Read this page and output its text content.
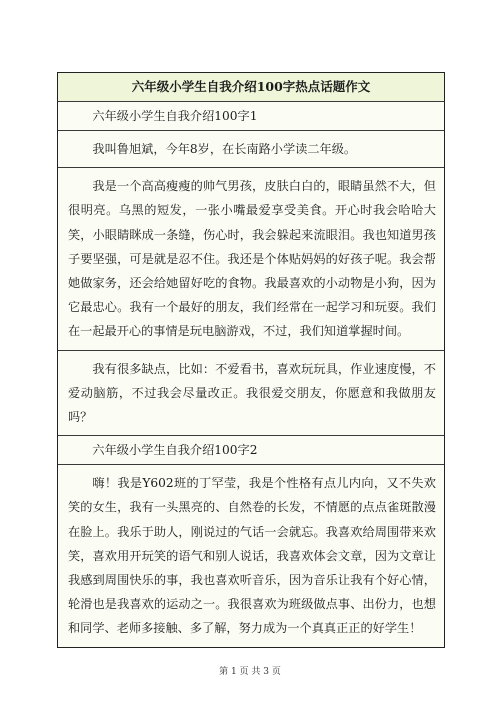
六年级小学生自我介绍100字热点话题作文
六年级小学生自我介绍100字1
我叫鲁旭斌，今年8岁，在长南路小学读二年级。
我是一个高高瘦瘦的帅气男孩，皮肤白白的，眼睛虽然不大，但很明亮。乌黑的短发，一张小嘴最爱享受美食。开心时我会哈哈大笑，小眼睛眯成一条缝，伤心时，我会躲起来流眼泪。我也知道男孩子要坚强，可是就是忍不住。我还是个体贴妈妈的好孩子呢。我会帮她做家务，还会给她留好吃的食物。我最喜欢的小动物是小狗，因为它最忠心。我有一个最好的朋友，我们经常在一起学习和玩耍。我们在一起最开心的事情是玩电脑游戏，不过，我们知道掌握时间。
我有很多缺点，比如：不爱看书，喜欢玩玩具，作业速度慢，不爱动脑筋，不过我会尽量改正。我很爱交朋友，你愿意和我做朋友吗？
六年级小学生自我介绍100字2
嗨！我是Y602班的丁罕莹，我是个性格有点儿内向，又不失欢笑的女生，我有一头黑亮的、自然卷的长发，不情愿的点点雀斑散漫在脸上。我乐于助人，刚说过的气话一会就忘。我喜欢给周围带来欢笑，喜欢用开玩笑的语气和别人说话，我喜欢体会文章，因为文章让我感到周围快乐的事，我也喜欢听音乐，因为音乐让我有个好心情，轮滑也是我喜欢的运动之一。我很喜欢为班级做点事、出份力，也想和同学、老师多接触、多了解，努力成为一个真真正正的好学生！
第 1 页 共 3 页
